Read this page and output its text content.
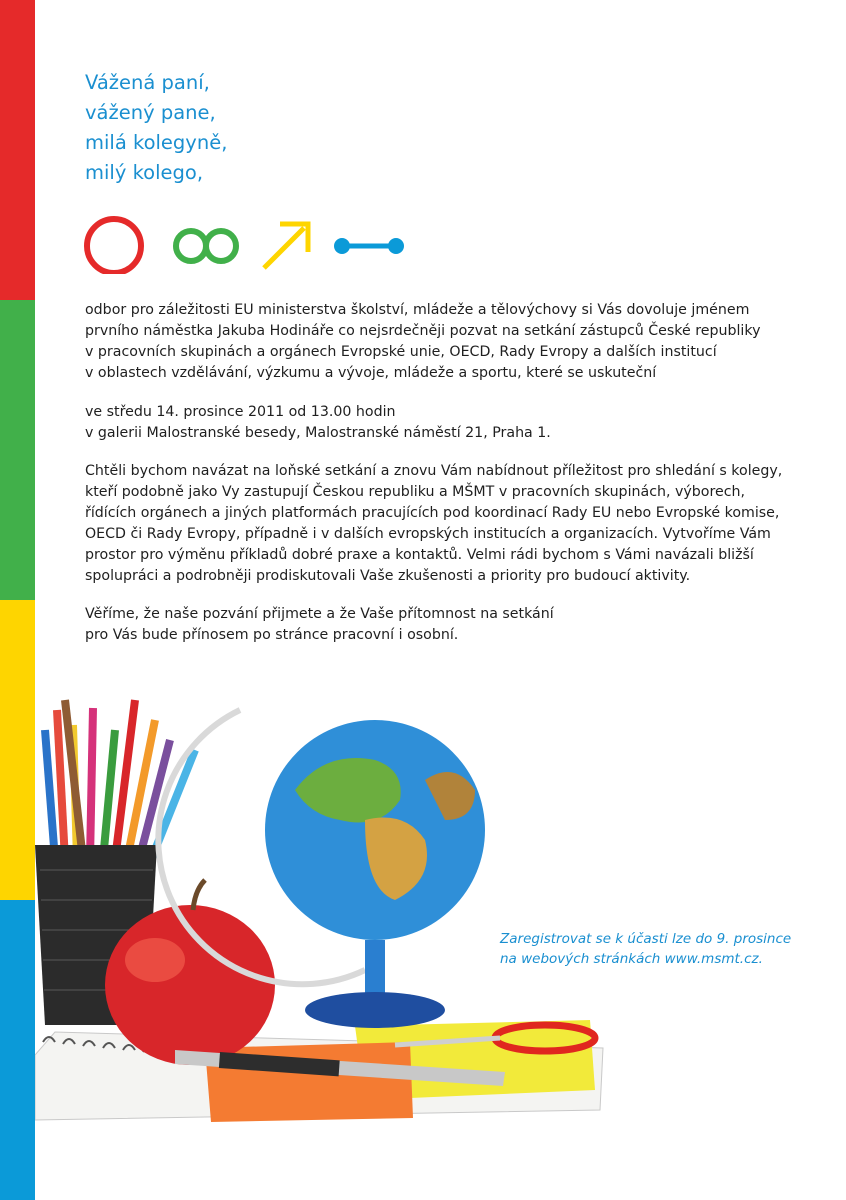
Vážená paní,
vážený pane,
milá kolegyně,
milý kolego,

odbor pro záležitosti EU ministerstva školství, mládeže a tělovýchovy si Vás dovoluje jménem
prvního náměstka Jakuba Hodináře co nejsrdečněji pozvat na setkání zástupců České republiky
v pracovních skupinách a orgánech Evropské unie, OECD, Rady Evropy a dalších institucí
v oblastech vzdělávání, výzkumu a vývoje, mládeže a sportu, které se uskuteční

ve středu 14. prosince 2011 od 13.00 hodin
v galerii Malostranské besedy, Malostranské náměstí 21, Praha 1.

Chtěli bychom navázat na loňské setkání a znovu Vám nabídnout příležitost pro shledání s kolegy,
kteří podobně jako Vy zastupují Českou republiku a MŠMT v pracovních skupinách, výborech,
řídících orgánech a jiných platformách pracujících pod koordinací Rady EU nebo Evropské komise,
OECD či Rady Evropy, případně i v dalších evropských institucích a organizacích. Vytvoříme Vám
prostor pro výměnu příkladů dobré praxe a kontaktů. Velmi rádi bychom s Vámi navázali bližší
spolupráci a podrobněji prodiskutovali Vaše zkušenosti a priority pro budoucí aktivity.

Věříme, že naše pozvání přijmete a že Vaše přítomnost na setkání
pro Vás bude přínosem po stránce pracovní i osobní.

Zaregistrovat se k účasti lze do 9. prosince
na webových stránkách www.msmt.cz.
